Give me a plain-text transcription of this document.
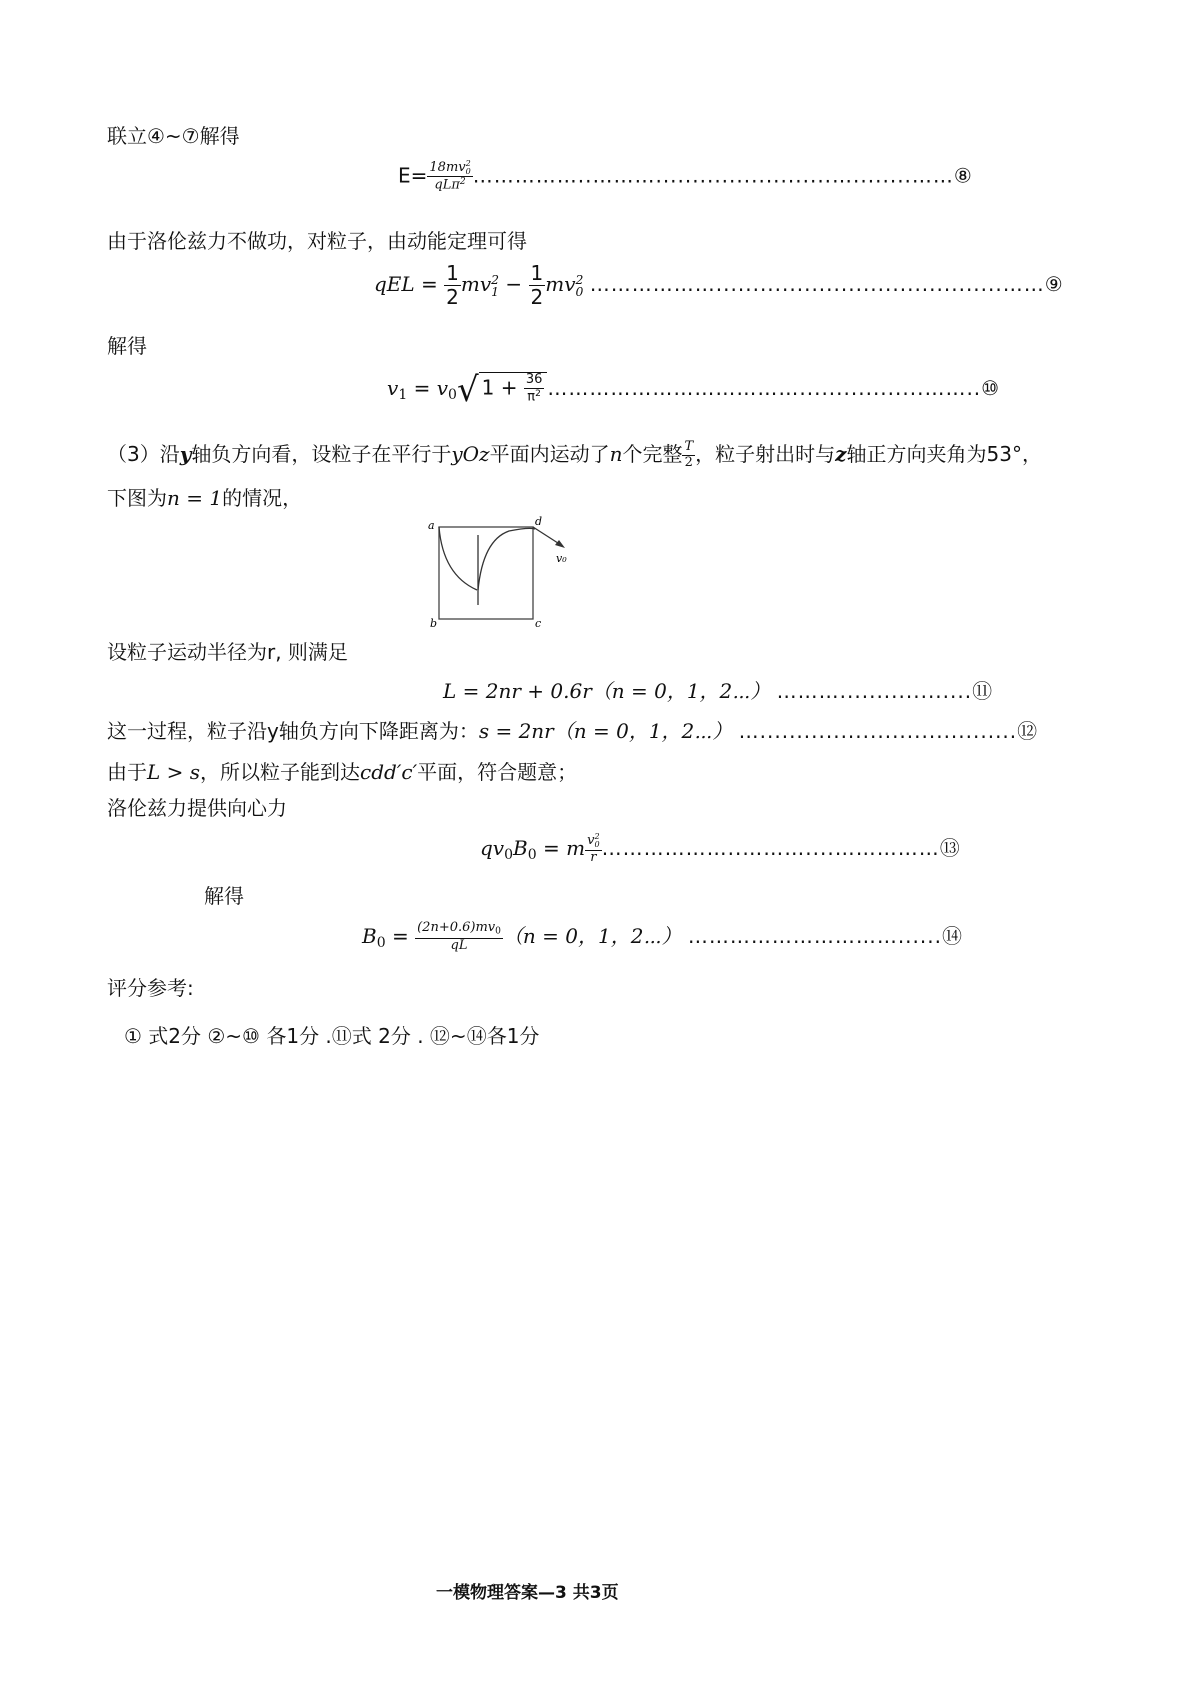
联立④~⑦解得
E= 18mv 2
0
qLπ$^2$ ……………..………........................…........……⑧
由于洛伦兹力不做功，对粒子，由动能定理可得
qEL = $\frac{1}{2}$ mv 2
$1 - \frac{1}{2}$ mv 2
0 ……………….......................................……⑨
解得
$v_1 = v_0√$ $1 + \frac{36}{\pi^2}$ ……………………………….................……..⑩
（3）沿y轴负方向看，设粒子在平行于yOz平面内运动了n个完整 $\frac{T}{2}$ ，粒子射出时与z轴正方向夹角为53°，
下图为n = 1的情况，
a	d
b	c
v₀
设粒子运动半径为r, 则满足
L = 2nr + 0.6r（n = 0，1，2⋯） ………..................⑪
这一过程，粒子沿y轴负方向下降距离为：s = 2nr（n = 0，1，2⋯） …...................................⑫
由于L > s，所以粒子能到达cdd′c′平面，符合题意；
洛伦兹力提供向心力
$qv_0B_0 = m$ v 2
0
r ………………..………....……………⑬
解得
$B_0 = \frac{(2n+0.6)mv_0}{qL} (n = 0$，1，2⋯） …………………………......⑭
评分参考:
① 式2分 ②~⑩ 各1分 .⑪式 2分 . ⑫~⑭各1分
一模物理答案—3 共3页
